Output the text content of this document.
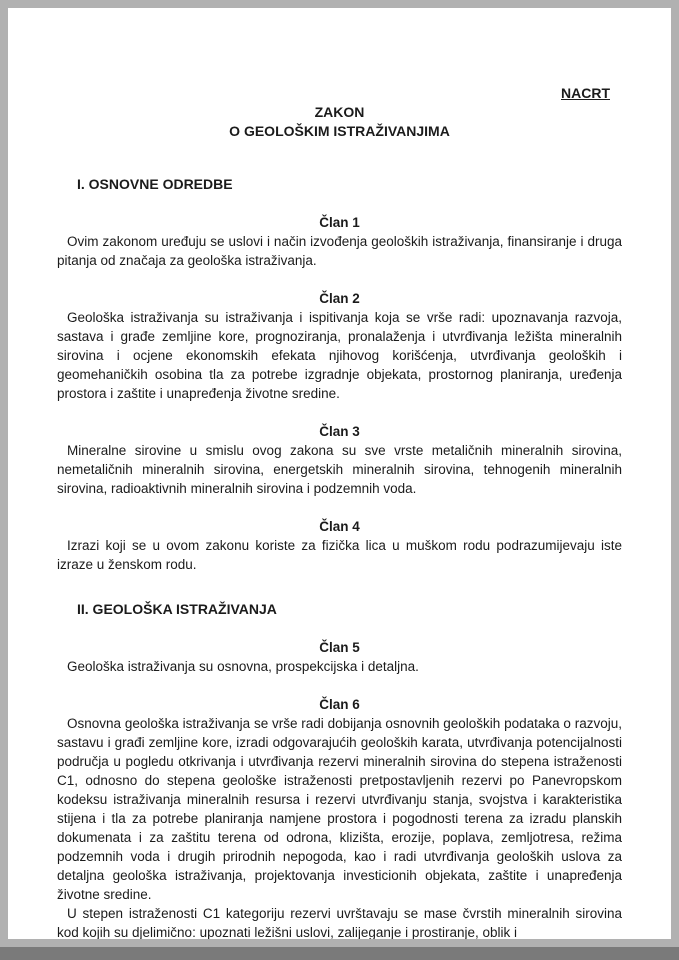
NACRT
ZAKON
O GEOLOŠKIM ISTRAŽIVANJIMA
I. OSNOVNE ODREDBE
Član 1
Ovim zakonom uređuju se uslovi i način izvođenja geoloških istraživanja, finansiranje i druga pitanja od značaja za geološka istraživanja.
Član 2
Geološka istraživanja su istraživanja i ispitivanja koja se vrše radi: upoznavanja razvoja, sastava i građe zemljine kore, prognoziranja, pronalaženja i utvrđivanja ležišta mineralnih sirovina i ocjene ekonomskih efekata njihovog korišćenja, utvrđivanja geoloških i geomehaničkih osobina tla za potrebe izgradnje objekata, prostornog planiranja, uređenja prostora i zaštite i unapređenja životne sredine.
Član 3
Mineralne sirovine u smislu ovog zakona su sve vrste metaličnih mineralnih sirovina, nemetaličnih mineralnih sirovina, energetskih mineralnih sirovina, tehnogenih mineralnih sirovina, radioaktivnih mineralnih sirovina i podzemnih voda.
Član 4
Izrazi koji se u ovom zakonu koriste za fizička lica u muškom rodu podrazumijevaju iste izraze u ženskom rodu.
II. GEOLOŠKA ISTRAŽIVANJA
Član 5
Geološka istraživanja su osnovna, prospekcijska i detaljna.
Član 6
Osnovna geološka istraživanja se vrše radi dobijanja osnovnih geoloških podataka o razvoju, sastavu i građi zemljine kore, izradi odgovarajućih geoloških karata, utvrđivanja potencijalnosti područja u pogledu otkrivanja i utvrđivanja rezervi mineralnih sirovina do stepena istraženosti C1, odnosno do stepena geološke istraženosti pretpostavljenih rezervi po Panevropskom kodeksu istraživanja mineralnih resursa i rezervi utvrđivanju stanja, svojstva i karakteristika stijena i tla za potrebe planiranja namjene prostora i pogodnosti terena za izradu planskih dokumenata i za zaštitu terena od odrona, klizišta, erozije, poplava, zemljotresa, režima podzemnih voda i drugih prirodnih nepogoda, kao i radi utvrđivanja geoloških uslova za detaljna geološka istraživanja, projektovanja investicionih objekata, zaštite i unapređenja životne sredine.
U stepen istraženosti C1 kategoriju rezervi uvrštavaju se mase čvrstih mineralnih sirovina kod kojih su djelimično: upoznati ležišni uslovi, zalijeganje i prostiranje, oblik i
